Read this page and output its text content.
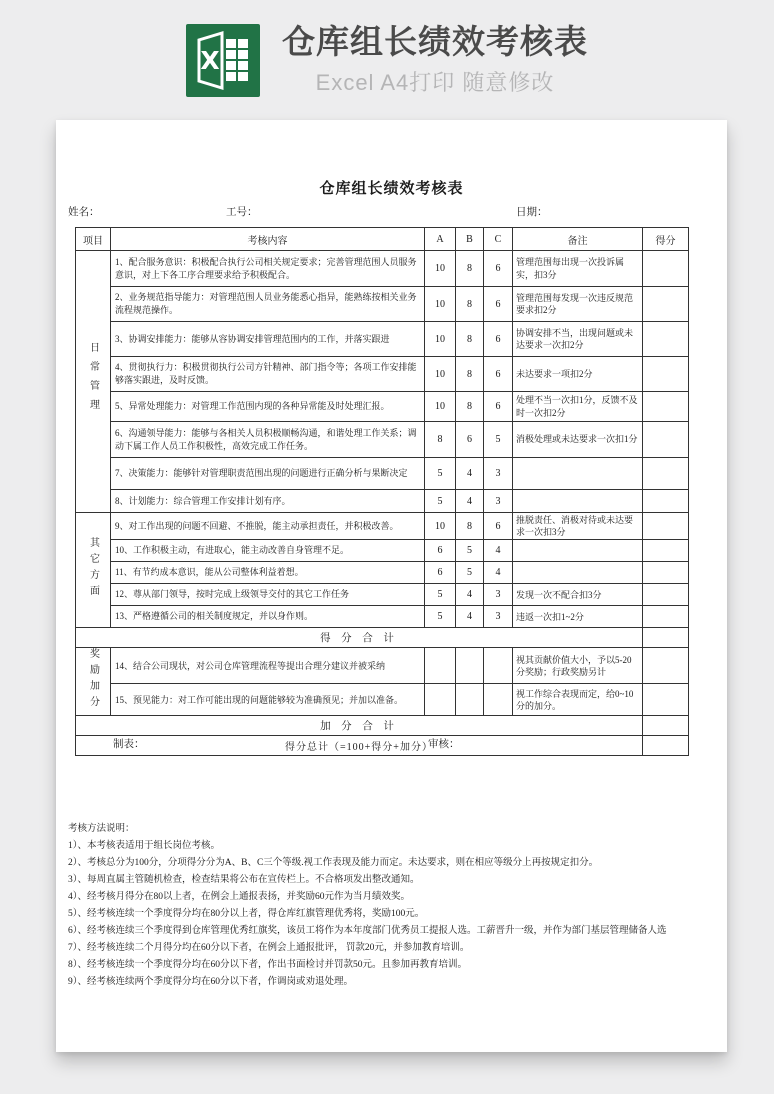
X
仓库组长绩效考核表
Excel A4打印 随意修改
仓库组长绩效考核表
姓名：	工号：	日期：
项目	考核内容	A	B	C	备注	得分
日常管理	1、配合服务意识：积极配合执行公司相关规定要求；完善管理范围人员服务意识，对上下各工序合理要求给予积极配合。	10	8	6	管理范围每出现一次投诉属实，扣3分	
	2、业务规范指导能力：对管理范围人员业务能悉心指异，能熟练按相关业务流程规范操作。	10	8	6	管理范围每发现一次违反规范要求扣2分	
	3、协调安排能力：能够从容协调安排管理范围内的工作，并落实跟进	10	8	6	协调安排不当，出现问题或未达要求一次扣2分	
	4、贯彻执行力：积极贯彻执行公司方针精神、部门指令等；各项工作安排能够落实跟进，及时反馈。	10	8	6	未达要求一项扣2分	
	5、异常处理能力：对管理工作范围内现的各种异常能及时处理汇报。	10	8	6	处理不当一次扣1分，反馈不及时一次扣2分	
	6、沟通领导能力：能够与各相关人员积极顺畅沟通，和谐处理工作关系；调动下属工作人员工作积极性，高效完成工作任务。	8	6	5	消极处理或未达要求一次扣1分	
	7、决策能力：能够针对管理职责范围出现的问题进行正确分析与果断决定	5	4	3		
	8、计划能力：综合管理工作安排计划有序。	5	4	3		
其它方面	9、对工作出现的问题不回避、不推脱，能主动承担责任，并积极改善。	10	8	6	推脱责任、消极对待或未达要求一次扣3分	
	10、工作积极主动，有进取心，能主动改善自身管理不足。	6	5	4		
	11、有节约成本意识，能从公司整体利益着想。	6	5	4		
	12、尊从部门领导，按时完成上级领导交付的其它工作任务	5	4	3	发现一次不配合扣3分	
	13、严格遵循公司的相关制度规定，并以身作则。	5	4	3	违返一次扣1~2分	
得 分 合 计						
奖励加分	14、结合公司现状，对公司仓库管理流程等提出合理分建议并被采纳				视其贡献价值大小，予以5-20分奖励；行政奖励另计	
	15、预见能力：对工作可能出现的问题能够较为准确预见；并加以准备。				视工作综合表现而定，给0~10分的加分。	
加 分 合 计						
得分总计（=100+得分+加分）						
制表：	审核：
考核方法说明：
1）、本考核表适用于组长岗位考核。
2）、考核总分为100分，分项得分分为A、B、C三个等级.视工作表现及能力而定。未达要求，则在相应等级分上再按规定扣分。
3）、每周直属主管随机检查，检查结果将公布在宣传栏上。不合格项发出整改通知。
4）、经考核月得分在80以上者，在例会上通报表扬，并奖励60元作为当月绩效奖。
5）、经考核连续一个季度得分均在80分以上者，得仓库红旗管理优秀将，奖励100元。
6）、经考核连续三个季度得到仓库管理优秀红旗奖，该员工将作为本年度部门优秀员工提报人选。工薪晋升一级，并作为部门基层管理储备人选
7）、经考核连续二个月得分均在60分以下者，在例会上通报批评， 罚款20元，并参加教育培训。
8）、经考核连续一个季度得分均在60分以下者，作出书面检讨并罚款50元。且参加再教育培训。
9）、经考核连续两个季度得分均在60分以下者，作调岗或劝退处理。
